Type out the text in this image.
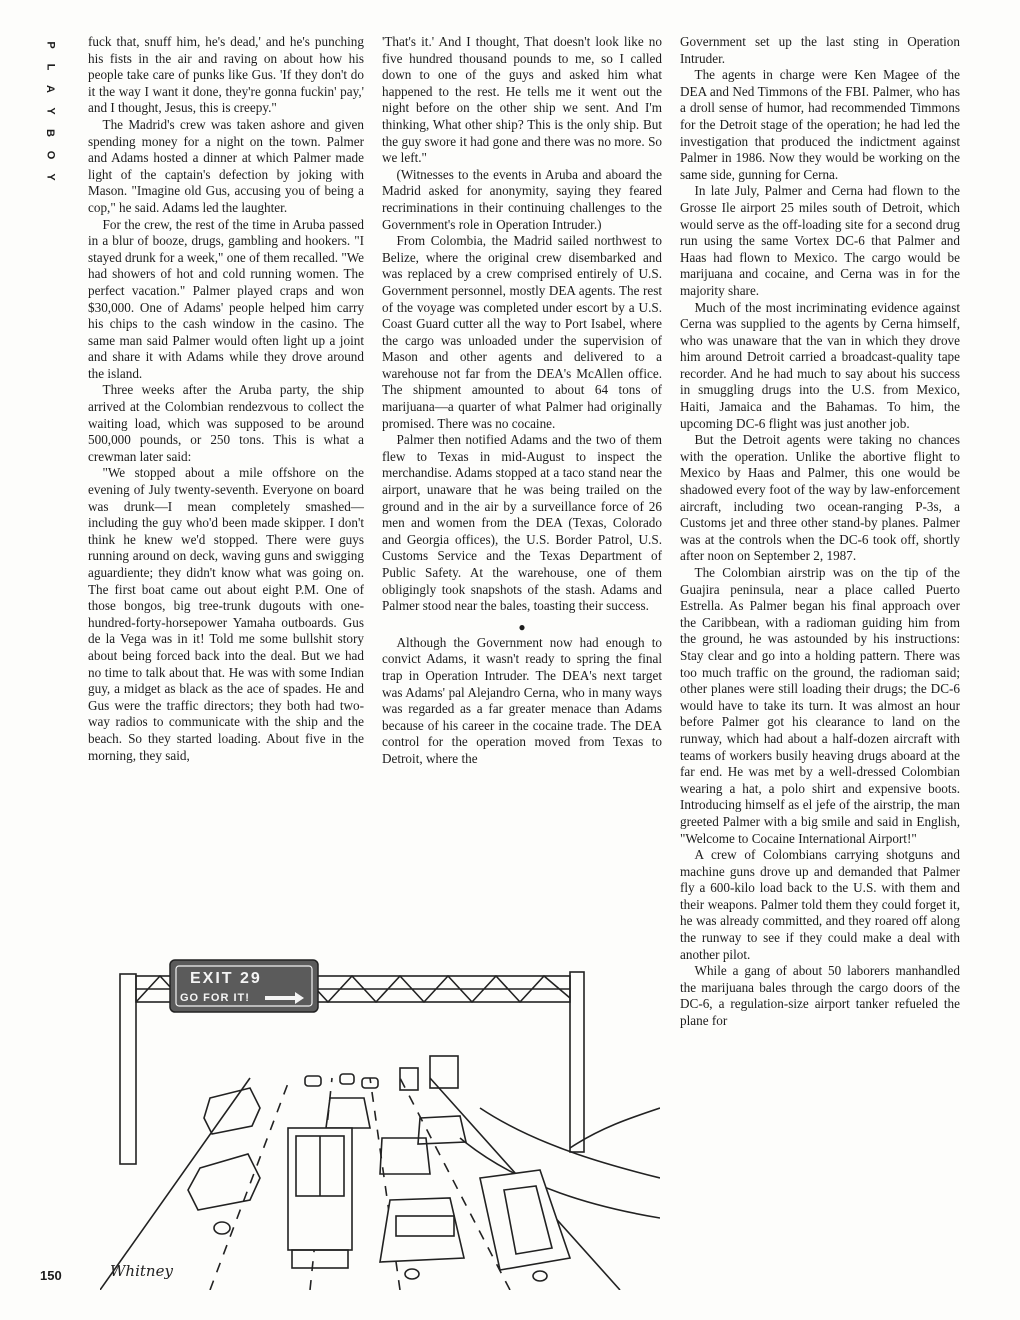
P
L
A
Y
B
O
Y

fuck that, snuff him, he's dead,' and he's punching his fists in the air and raving on about how his people take care of punks like Gus. 'If they don't do it the way I want it done, they're gonna fuckin' pay,' and I thought, Jesus, this is creepy."

The Madrid's crew was taken ashore and given spending money for a night on the town. Palmer and Adams hosted a dinner at which Palmer made light of the captain's defection by joking with Mason. "Imagine old Gus, accusing you of being a cop," he said. Adams led the laughter.

For the crew, the rest of the time in Aruba passed in a blur of booze, drugs, gambling and hookers. "I stayed drunk for a week," one of them recalled. "We had showers of hot and cold running women. The perfect vacation." Palmer played craps and won $30,000. One of Adams' people helped him carry his chips to the cash window in the casino. The same man said Palmer would often light up a joint and share it with Adams while they drove around the island.

Three weeks after the Aruba party, the ship arrived at the Colombian rendezvous to collect the waiting load, which was supposed to be around 500,000 pounds, or 250 tons. This is what a crewman later said:

"We stopped about a mile offshore on the evening of July twenty-seventh. Everyone on board was drunk—I mean completely smashed—including the guy who'd been made skipper. I don't think he knew we'd stopped. There were guys running around on deck, waving guns and swigging aguardiente; they didn't know what was going on. The first boat came out about eight P.M. One of those bongos, big tree-trunk dugouts with one-hundred-forty-horsepower Yamaha outboards. Gus de la Vega was in it! Told me some bullshit story about being forced back into the deal. But we had no time to talk about that. He was with some Indian guy, a midget as black as the ace of spades. He and Gus were the traffic directors; they both had two-way radios to communicate with the ship and the beach. So they started loading. About five in the morning, they said,

'That's it.' And I thought, That doesn't look like no five hundred thousand pounds to me, so I called down to one of the guys and asked him what happened to the rest. He tells me it went out the night before on the other ship we sent. And I'm thinking, What other ship? This is the only ship. But the guy swore it had gone and there was no more. So we left."

(Witnesses to the events in Aruba and aboard the Madrid asked for anonymity, saying they feared recriminations in their continuing challenges to the Government's role in Operation Intruder.)

From Colombia, the Madrid sailed northwest to Belize, where the original crew disembarked and was replaced by a crew comprised entirely of U.S. Government personnel, mostly DEA agents. The rest of the voyage was completed under escort by a U.S. Coast Guard cutter all the way to Port Isabel, where the cargo was unloaded under the supervision of Mason and other agents and delivered to a warehouse not far from the DEA's McAllen office. The shipment amounted to about 64 tons of marijuana—a quarter of what Palmer had originally promised. There was no cocaine.

Palmer then notified Adams and the two of them flew to Texas in mid-August to inspect the merchandise. Adams stopped at a taco stand near the airport, unaware that he was being trailed on the ground and in the air by a surveillance force of 26 men and women from the DEA (Texas, Colorado and Georgia offices), the U.S. Border Patrol, U.S. Customs Service and the Texas Department of Public Safety. At the warehouse, one of them obligingly took snapshots of the stash. Adams and Palmer stood near the bales, toasting their success.

●

Although the Government now had enough to convict Adams, it wasn't ready to spring the final trap in Operation Intruder. The DEA's next target was Adams' pal Alejandro Cerna, who in many ways was regarded as a far greater menace than Adams because of his career in the cocaine trade. The DEA control for the operation moved from Texas to Detroit, where the

Government set up the last sting in Operation Intruder.

The agents in charge were Ken Magee of the DEA and Ned Timmons of the FBI. Palmer, who has a droll sense of humor, had recommended Timmons for the Detroit stage of the operation; he had led the investigation that produced the indictment against Palmer in 1986. Now they would be working on the same side, gunning for Cerna.

In late July, Palmer and Cerna had flown to the Grosse Ile airport 25 miles south of Detroit, which would serve as the off-loading site for a second drug run using the same Vortex DC-6 that Palmer and Haas had flown to Mexico. The cargo would be marijuana and cocaine, and Cerna was in for the majority share.

Much of the most incriminating evidence against Cerna was supplied to the agents by Cerna himself, who was unaware that the van in which they drove him around Detroit carried a broadcast-quality tape recorder. And he had much to say about his success in smuggling drugs into the U.S. from Mexico, Haiti, Jamaica and the Bahamas. To him, the upcoming DC-6 flight was just another job.

But the Detroit agents were taking no chances with the operation. Unlike the abortive flight to Mexico by Haas and Palmer, this one would be shadowed every foot of the way by law-enforcement aircraft, including two ocean-ranging P-3s, a Customs jet and three other stand-by planes. Palmer was at the controls when the DC-6 took off, shortly after noon on September 2, 1987.

The Colombian airstrip was on the tip of the Guajira peninsula, near a place called Puerto Estrella. As Palmer began his final approach over the Caribbean, with a radioman guiding him from the ground, he was astounded by his instructions: Stay clear and go into a holding pattern. There was too much traffic on the ground, the radioman said; other planes were still loading their drugs; the DC-6 would have to take its turn. It was almost an hour before Palmer got his clearance to land on the runway, which had about a half-dozen aircraft with teams of workers busily heaving drugs aboard at the far end. He was met by a well-dressed Colombian wearing a hat, a polo shirt and expensive boots. Introducing himself as el jefe of the airstrip, the man greeted Palmer with a big smile and said in English, "Welcome to Cocaine International Airport!"

A crew of Colombians carrying shotguns and machine guns drove up and demanded that Palmer fly a 600-kilo load back to the U.S. with them and their weapons. Palmer told them they could forget it, he was already committed, and they roared off along the runway to see if they could make a deal with another pilot.

While a gang of about 50 laborers manhandled the marijuana bales through the cargo doors of the DC-6, a regulation-size airport tanker refueled the plane for

EXIT 29
GO FOR IT!
Whitney
150
